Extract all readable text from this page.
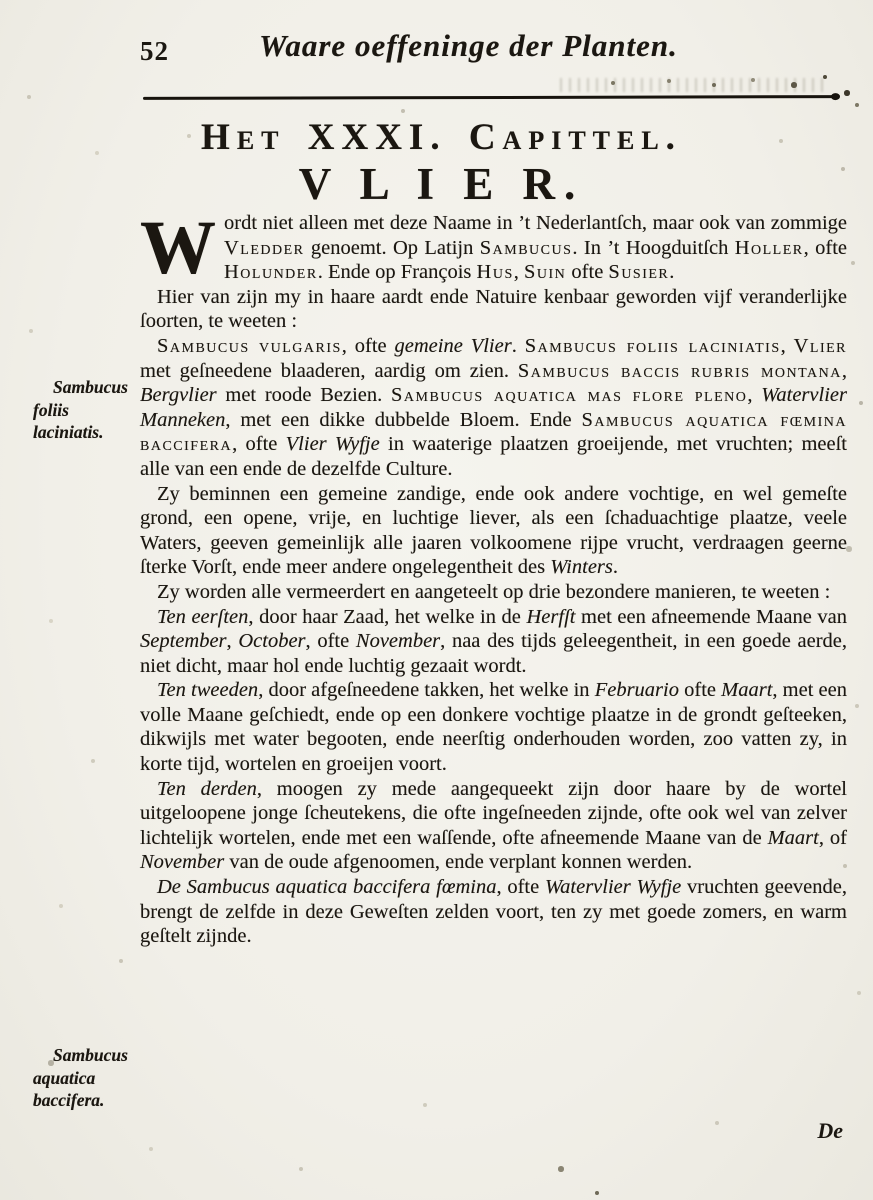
52	Waare oeffeninge der Planten.
Het XXXI. Capittel.
V L I E R.

Wordt niet alleen met deze Naame in ’t Nederlantſch, maar ook van zommige Vledder genoemt. Op Latijn Sambucus. In ’t Hoogduitſch Holler, ofte Holunder. Ende op François Hus, Suin ofte Susier.

Hier van zijn my in haare aardt ende Natuire kenbaar geworden vijf veranderlijke ſoorten, te weeten :

Sambucus vulgaris, ofte gemeine Vlier. Sambucus foliis laciniatis, Vlier met geſneedene blaaderen, aardig om zien. Sambucus baccis rubris montana, Bergvlier met roode Bezien. Sambucus aquatica mas flore pleno, Watervlier Manneken, met een dikke dubbelde Bloem. Ende Sambucus aquatica fœmina baccifera, ofte Vlier Wyfje in waaterige plaatzen groeijende, met vruchten; meeſt alle van een ende de dezelfde Culture.

Zy beminnen een gemeine zandige, ende ook andere vochtige, en wel gemeſte grond, een opene, vrije, en luchtige liever, als een ſchaduachtige plaatze, veele Waters, geeven gemeinlijk alle jaaren volkoomene rijpe vrucht, verdraagen geerne ſterke Vorſt, ende meer andere ongelegentheit des Winters.

Zy worden alle vermeerdert en aangeteelt op drie bezondere manieren, te weeten :

Ten eerſten, door haar Zaad, het welke in de Herfſt met een afneemende Maane van September, October, ofte November, naa des tijds geleegentheit, in een goede aerde, niet dicht, maar hol ende luchtig gezaait wordt.

Ten tweeden, door afgeſneedene takken, het welke in Februario ofte Maart, met een volle Maane geſchiedt, ende op een donkere vochtige plaatze in de grondt geſteeken, dikwijls met water begooten, ende neerſtig onderhouden worden, zoo vatten zy, in korte tijd, wortelen en groeijen voort.

Ten derden, moogen zy mede aangequeekt zijn door haare by de wortel uitgeloopene jonge ſcheutekens, die ofte ingeſneeden zijnde, ofte ook wel van zelver lichtelijk wortelen, ende met een waſſende, ofte afneemende Maane van de Maart, of November van de oude afgenoomen, ende verplant konnen werden.

De Sambucus aquatica baccifera fœmina, ofte Watervlier Wyfje vruchten geevende, brengt de zelfde in deze Geweſten zelden voort, ten zy met goede zomers, en warm geſtelt zijnde.

Sambucus foliis laciniatis.
Sambucus aquatica baccifera.
De
